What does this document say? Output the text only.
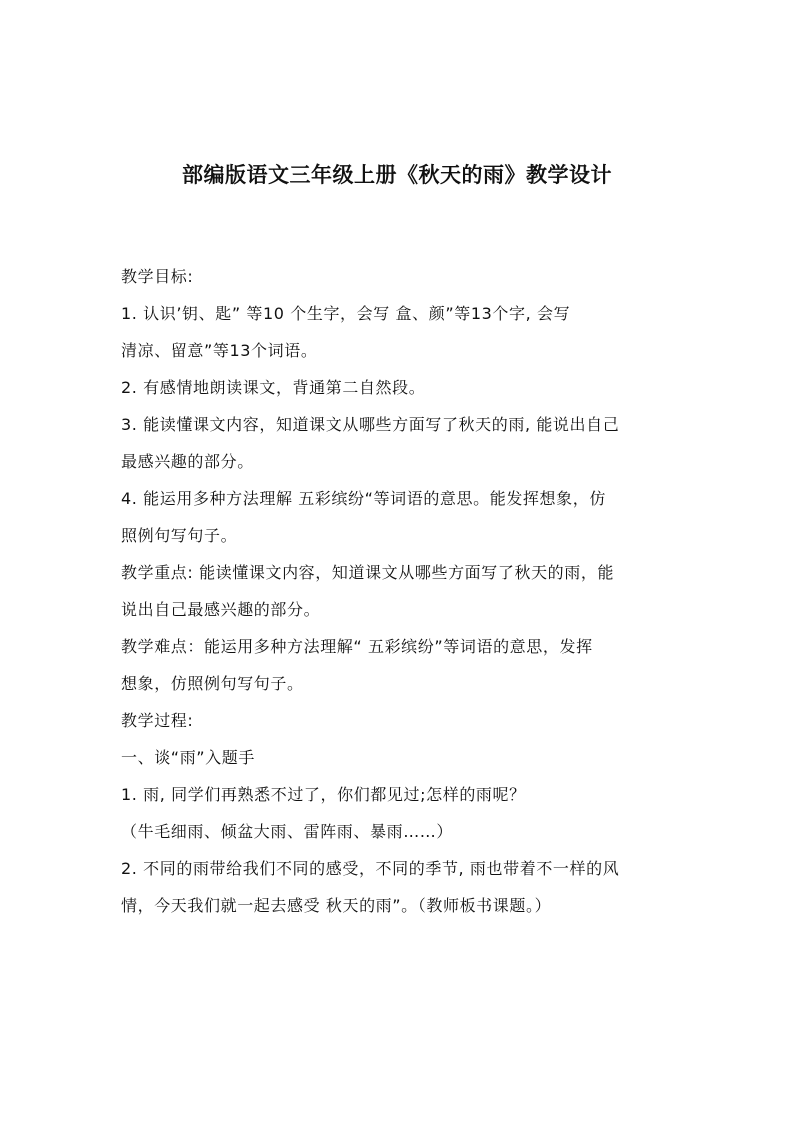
部编版语文三年级上册《秋天的雨》教学设计
教学目标:
1. 认识’钥、匙” 等10 个生字，会写 盒、颜”等13个字, 会写
清凉、留意”等13个词语。
2. 有感情地朗读课文，背通第二自然段。
3. 能读懂课文内容，知道课文从哪些方面写了秋天的雨, 能说出自己
最感兴趣的部分。
4. 能运用多种方法理解 五彩缤纷“等词语的意思。能发挥想象，仿
照例句写句子。
教学重点: 能读懂课文内容，知道课文从哪些方面写了秋天的雨，能
说出自己最感兴趣的部分。
教学难点：能运用多种方法理解“ 五彩缤纷”等词语的意思，发挥
想象，仿照例句写句子。
教学过程:
一、谈“雨”入题手
1. 雨, 同学们再熟悉不过了，你们都见过;怎样的雨呢？
（牛毛细雨、倾盆大雨、雷阵雨、暴雨……）
2. 不同的雨带给我们不同的感受，不同的季节, 雨也带着不一样的风
情，今天我们就一起去感受 秋天的雨”。（教师板书课题。）
